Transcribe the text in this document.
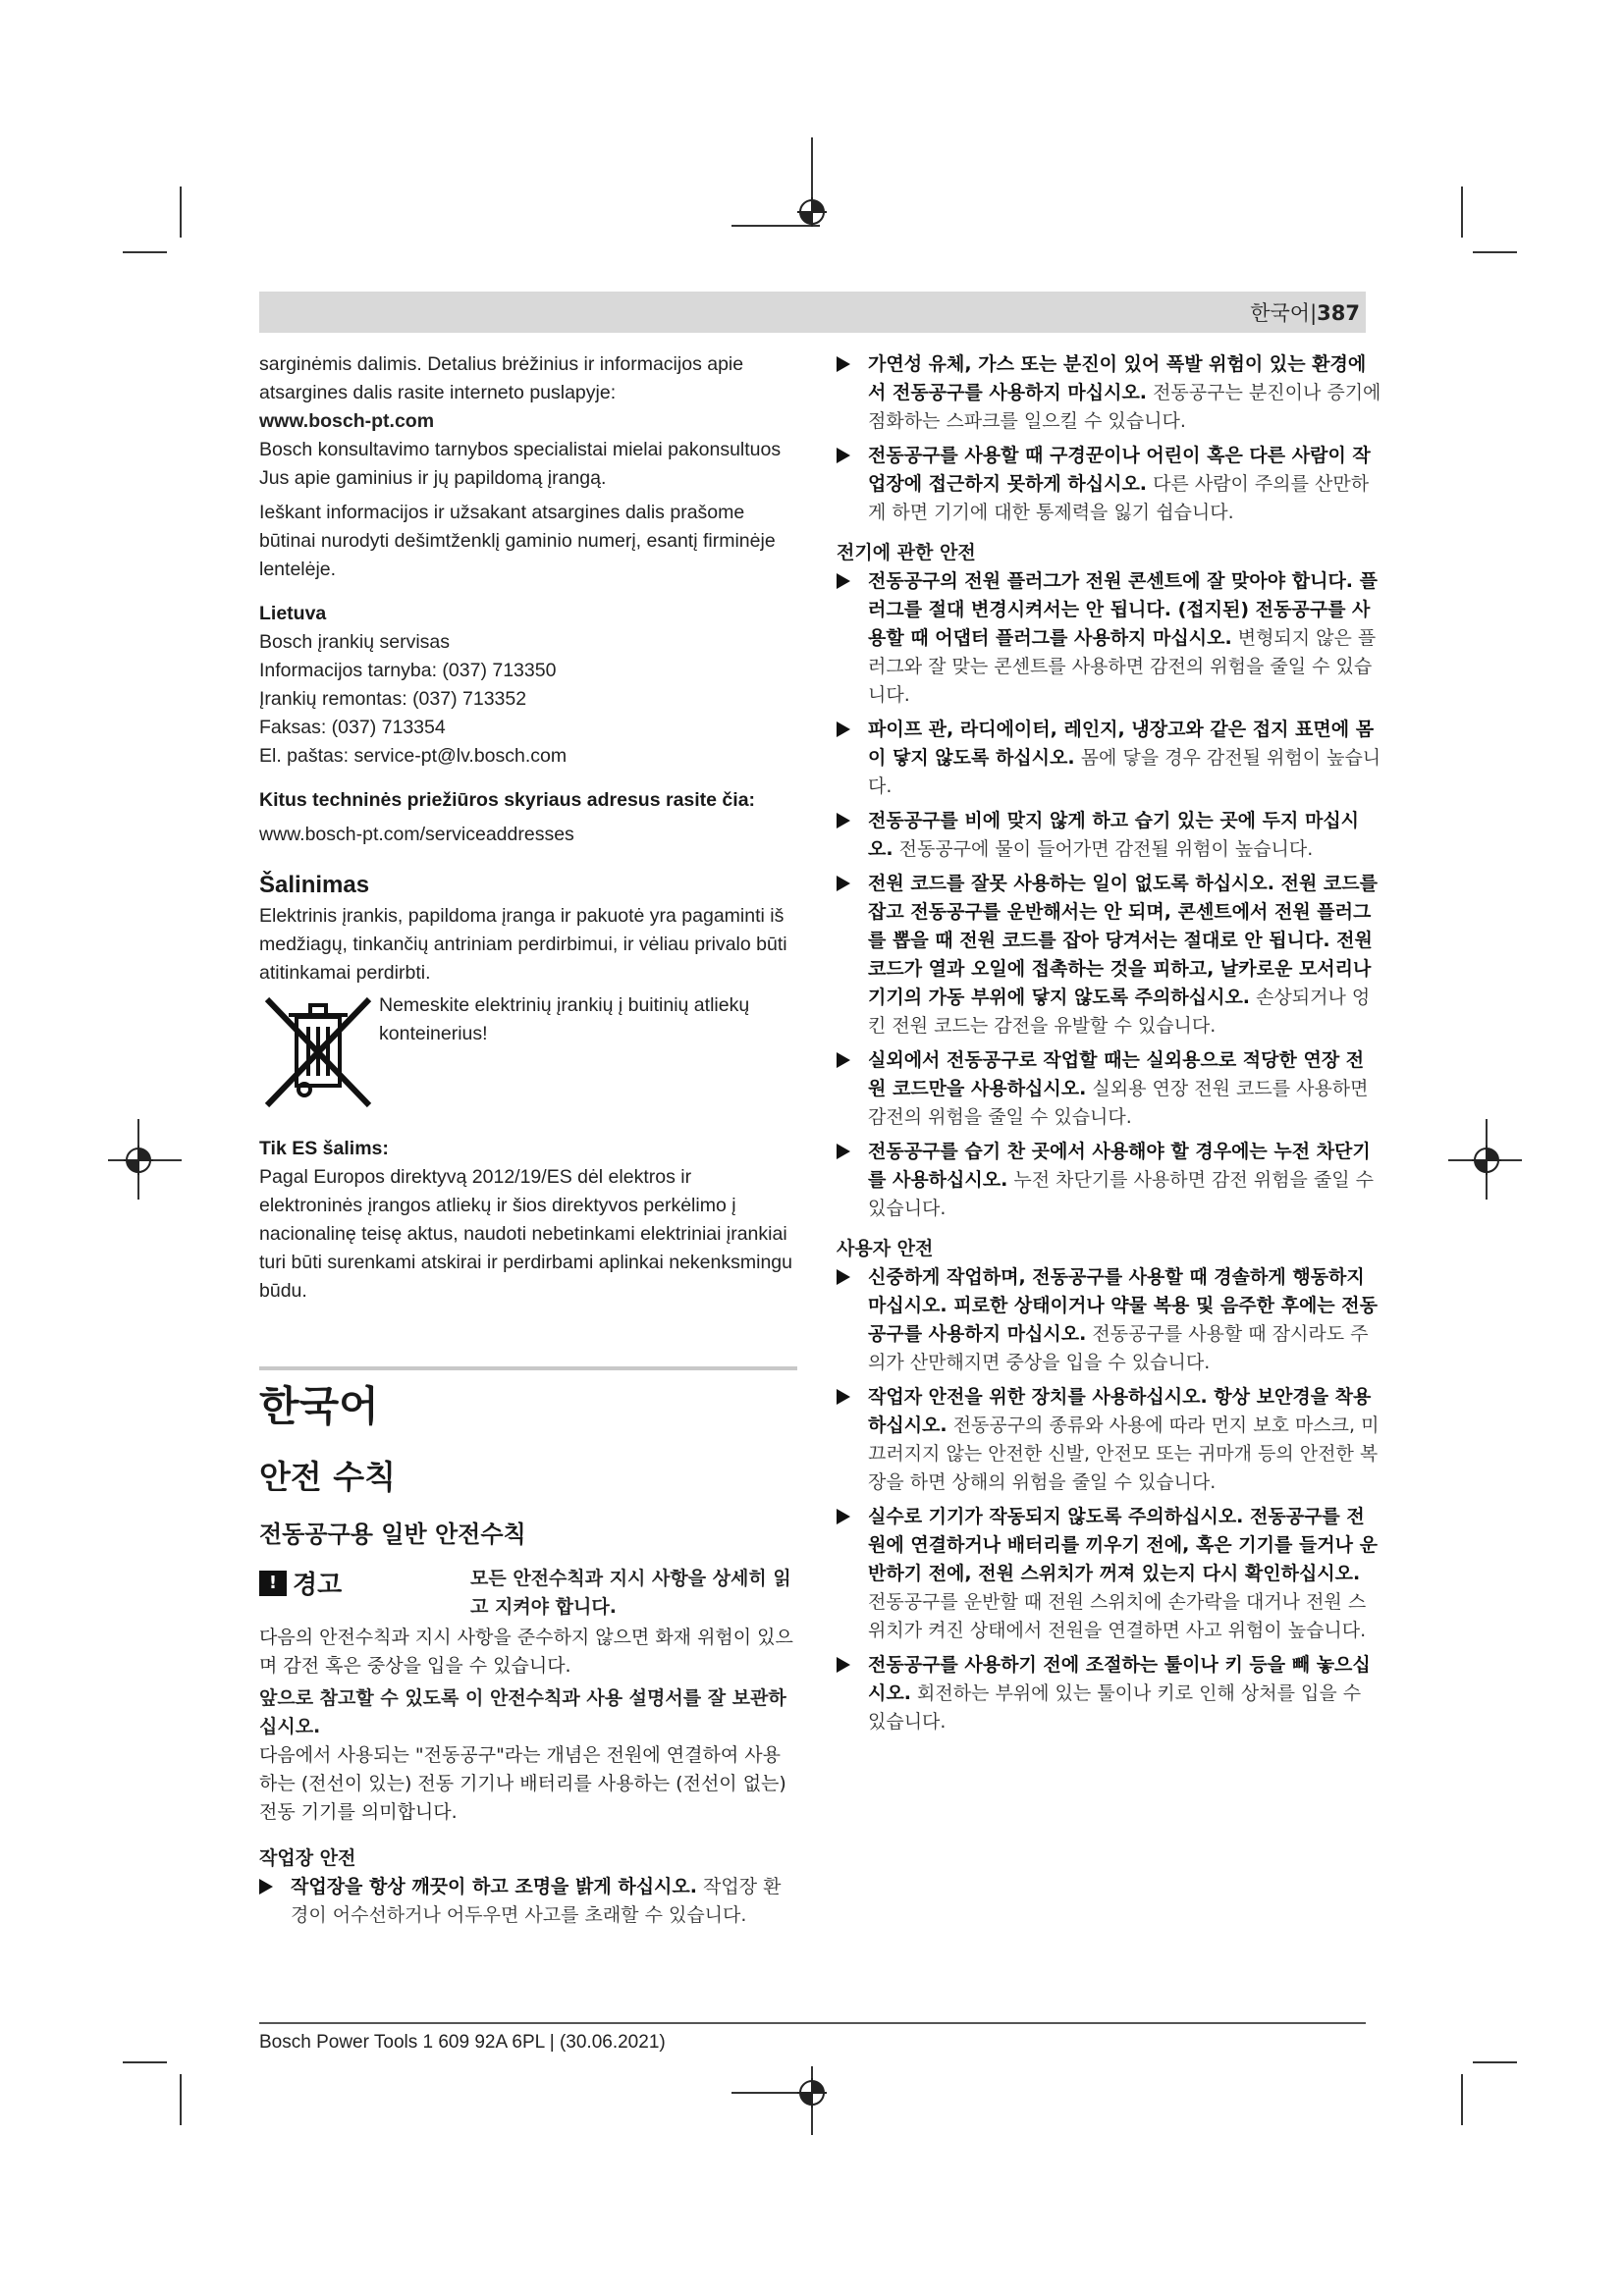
한국어|387

sarginėmis dalimis. Detalius brėžinius ir informacijos apie atsargines dalis rasite interneto puslapyje:

www.bosch-pt.com

Bosch konsultavimo tarnybos specialistai mielai pakonsultuos Jus apie gaminius ir jų papildomą įrangą.

Ieškant informacijos ir užsakant atsargines dalis prašome būtinai nurodyti dešimtženklį gaminio numerį, esantį firminėje lentelėje.

Lietuva

Bosch įrankių servisas

Informacijos tarnyba: (037) 713350

Įrankių remontas: (037) 713352

Faksas: (037) 713354

El. paštas: service-pt@lv.bosch.com

Kitus techninės priežiūros skyriaus adresus rasite čia:

www.bosch-pt.com/serviceaddresses

Šalinimas

Elektrinis įrankis, papildoma įranga ir pakuotė yra pagaminti iš medžiagų, tinkančių antriniam perdirbimui, ir vėliau privalo būti atitinkamai perdirbti.

Nemeskite elektrinių įrankių į buitinių atliekų konteinerius!
Tik ES šalims:

Pagal Europos direktyvą 2012/19/ES dėl elektros ir elektroninės įrangos atliekų ir šios direktyvos perkėlimo į nacionalinę teisę aktus, naudoti nebetinkami elektriniai įrankiai turi būti surenkami atskirai ir perdirbami aplinkai nekenksmingu būdu.

한국어
안전 수칙
전동공구용 일반 안전수칙
! 경고	모든 안전수칙과 지시 사항을 상세히 읽고 지켜야 합니다.

다음의 안전수칙과 지시 사항을 준수하지 않으면 화재 위험이 있으며 감전 혹은 중상을 입을 수 있습니다.

앞으로 참고할 수 있도록 이 안전수칙과 사용 설명서를 잘 보관하십시오.

다음에서 사용되는 "전동공구"라는 개념은 전원에 연결하여 사용하는 (전선이 있는) 전동 기기나 배터리를 사용하는 (전선이 없는) 전동 기기를 의미합니다.

작업장 안전
작업장을 항상 깨끗이 하고 조명을 밝게 하십시오. 작업장 환경이 어수선하거나 어두우면 사고를 초래할 수 있습니다.
가연성 유체, 가스 또는 분진이 있어 폭발 위험이 있는 환경에서 전동공구를 사용하지 마십시오. 전동공구는 분진이나 증기에 점화하는 스파크를 일으킬 수 있습니다.
전동공구를 사용할 때 구경꾼이나 어린이 혹은 다른 사람이 작업장에 접근하지 못하게 하십시오. 다른 사람이 주의를 산만하게 하면 기기에 대한 통제력을 잃기 쉽습니다.
전기에 관한 안전
전동공구의 전원 플러그가 전원 콘센트에 잘 맞아야 합니다. 플러그를 절대 변경시켜서는 안 됩니다. (접지된) 전동공구를 사용할 때 어댑터 플러그를 사용하지 마십시오. 변형되지 않은 플러그와 잘 맞는 콘센트를 사용하면 감전의 위험을 줄일 수 있습니다.
파이프 관, 라디에이터, 레인지, 냉장고와 같은 접지 표면에 몸이 닿지 않도록 하십시오. 몸에 닿을 경우 감전될 위험이 높습니다.
전동공구를 비에 맞지 않게 하고 습기 있는 곳에 두지 마십시오. 전동공구에 물이 들어가면 감전될 위험이 높습니다.
전원 코드를 잘못 사용하는 일이 없도록 하십시오. 전원 코드를 잡고 전동공구를 운반해서는 안 되며, 콘센트에서 전원 플러그를 뽑을 때 전원 코드를 잡아 당겨서는 절대로 안 됩니다. 전원 코드가 열과 오일에 접촉하는 것을 피하고, 날카로운 모서리나 기기의 가동 부위에 닿지 않도록 주의하십시오. 손상되거나 엉킨 전원 코드는 감전을 유발할 수 있습니다.
실외에서 전동공구로 작업할 때는 실외용으로 적당한 연장 전원 코드만을 사용하십시오. 실외용 연장 전원 코드를 사용하면 감전의 위험을 줄일 수 있습니다.
전동공구를 습기 찬 곳에서 사용해야 할 경우에는 누전 차단기를 사용하십시오. 누전 차단기를 사용하면 감전 위험을 줄일 수 있습니다.
사용자 안전
신중하게 작업하며, 전동공구를 사용할 때 경솔하게 행동하지 마십시오. 피로한 상태이거나 약물 복용 및 음주한 후에는 전동공구를 사용하지 마십시오. 전동공구를 사용할 때 잠시라도 주의가 산만해지면 중상을 입을 수 있습니다.
작업자 안전을 위한 장치를 사용하십시오. 항상 보안경을 착용하십시오. 전동공구의 종류와 사용에 따라 먼지 보호 마스크, 미끄러지지 않는 안전한 신발, 안전모 또는 귀마개 등의 안전한 복장을 하면 상해의 위험을 줄일 수 있습니다.
실수로 기기가 작동되지 않도록 주의하십시오. 전동공구를 전원에 연결하거나 배터리를 끼우기 전에, 혹은 기기를 들거나 운반하기 전에, 전원 스위치가 꺼져 있는지 다시 확인하십시오. 전동공구를 운반할 때 전원 스위치에 손가락을 대거나 전원 스위치가 켜진 상태에서 전원을 연결하면 사고 위험이 높습니다.
전동공구를 사용하기 전에 조절하는 툴이나 키 등을 빼 놓으십시오. 회전하는 부위에 있는 툴이나 키로 인해 상처를 입을 수 있습니다.
Bosch Power Tools 1 609 92A 6PL | (30.06.2021)
